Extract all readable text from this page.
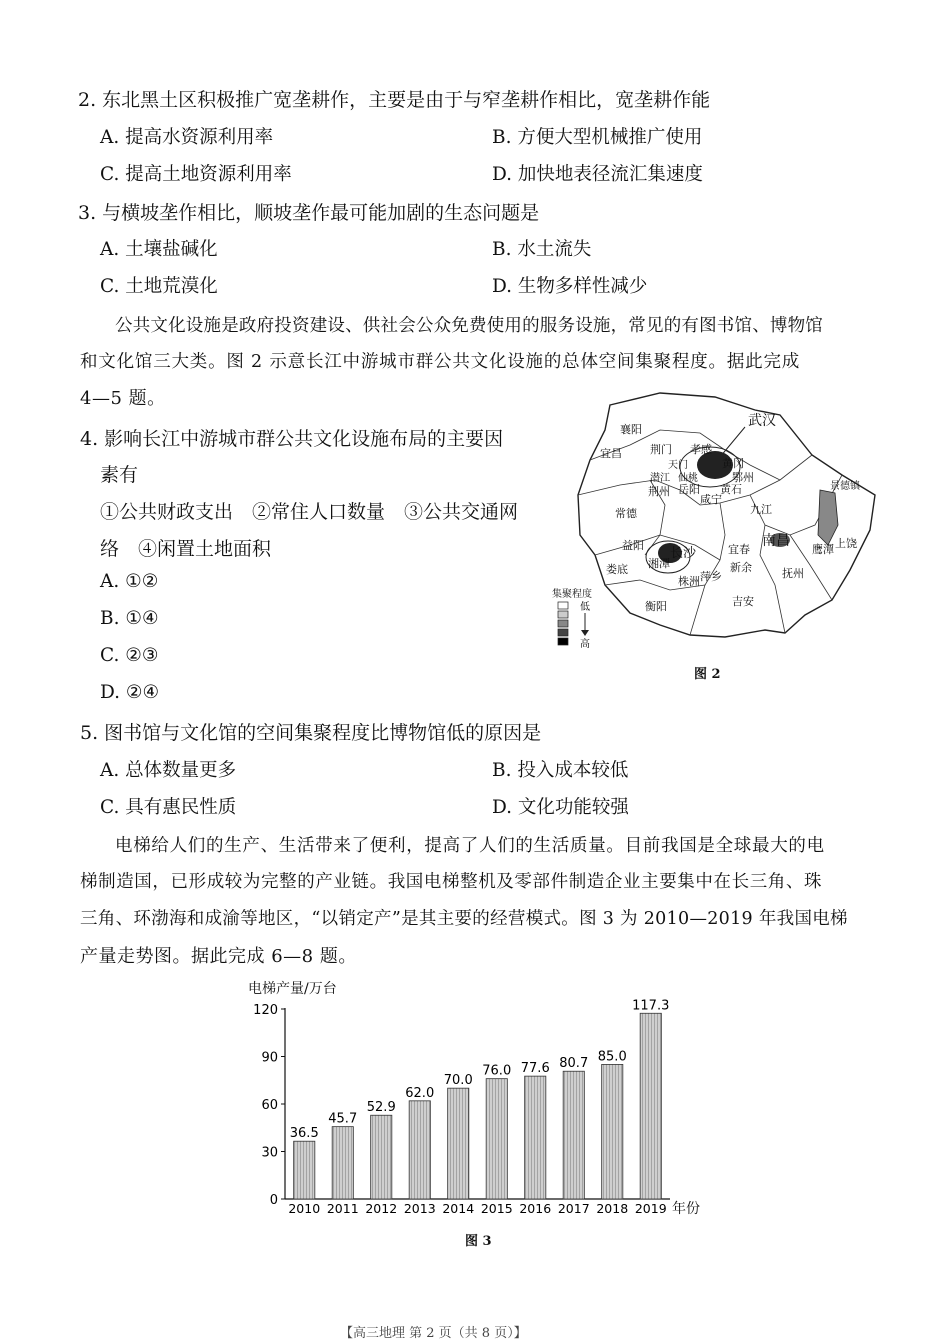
2. 东北黑土区积极推广宽垄耕作，主要是由于与窄垄耕作相比，宽垄耕作能
A. 提高水资源利用率	B. 方便大型机械推广使用
C. 提高土地资源利用率	D. 加快地表径流汇集速度
3. 与横坡垄作相比，顺坡垄作最可能加剧的生态问题是
A. 土壤盐碱化	B. 水土流失
C. 土地荒漠化	D. 生物多样性减少
公共文化设施是政府投资建设、供社会公众免费使用的服务设施，常见的有图书馆、博物馆
和文化馆三大类。图 2 示意长江中游城市群公共文化设施的总体空间集聚程度。据此完成
4—5 题。
4. 影响长江中游城市群公共文化设施布局的主要因
素有
①公共财政支出　②常住人口数量　③公共交通网
络　④闲置土地面积
A. ①②
B. ①④
C. ②③
D. ②④
襄阳
武汉
荆门 孝感
宜昌
天门
潜江 仙桃
荆州
黄冈
鄂州
黄石
咸宁
九江
景德镇
常德
岳阳
南昌	上饶
鹰潭
益阳
长沙	宜春
新余	抚州
娄底 湘潭
株洲 萍乡
衡阳	吉安
集聚程度
低
高
图 2
5. 图书馆与文化馆的空间集聚程度比博物馆低的原因是
A. 总体数量更多	B. 投入成本较低
C. 具有惠民性质	D. 文化功能较强
电梯给人们的生产、生活带来了便利，提高了人们的生活质量。目前我国是全球最大的电
梯制造国，已形成较为完整的产业链。我国电梯整机及零部件制造企业主要集中在长三角、珠
三角、环渤海和成渝等地区，“以销定产”是其主要的经营模式。图 3 为 2010—2019 年我国电梯
产量走势图。据此完成 6—8 题。
电梯产量/万台
0
30
60
90
120
36.5
45.7
52.9
62.0
70.0
76.0 77.6 80.7 85.0
117.3
2010 2011 2012 2013 2014 2015 2016 2017 2018 2019 年份
图 3
【高三地理 第 2 页（共 8 页）】
